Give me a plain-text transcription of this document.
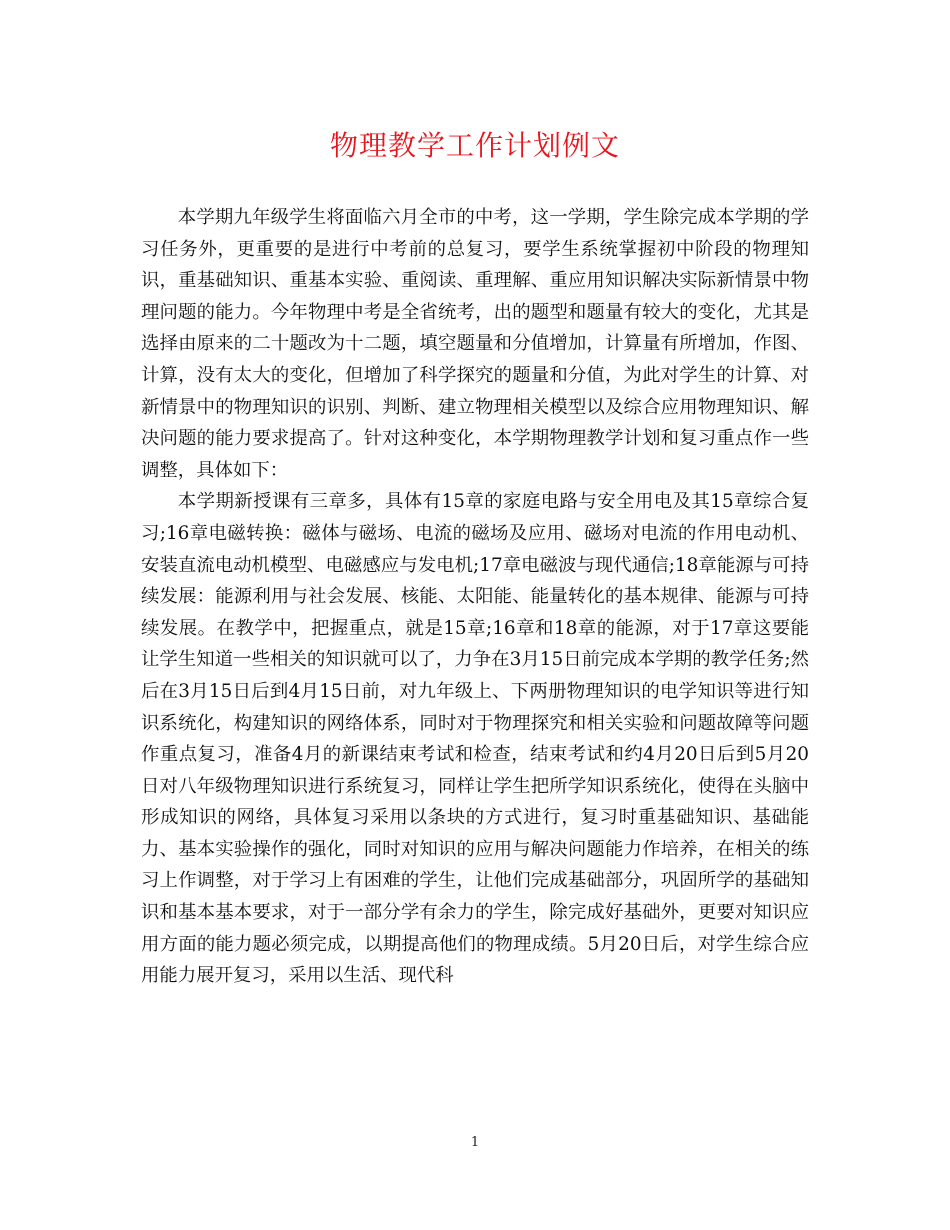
物理教学工作计划例文

本学期九年级学生将面临六月全市的中考，这一学期，学生除完成本学期的学习任务外，更重要的是进行中考前的总复习，要学生系统掌握初中阶段的物理知识，重基础知识、重基本实验、重阅读、重理解、重应用知识解决实际新情景中物理问题的能力。今年物理中考是全省统考，出的题型和题量有较大的变化，尤其是选择由原来的二十题改为十二题，填空题量和分值增加，计算量有所增加，作图、计算，没有太大的变化，但增加了科学探究的题量和分值，为此对学生的计算、对新情景中的物理知识的识别、判断、建立物理相关模型以及综合应用物理知识、解决问题的能力要求提高了。针对这种变化，本学期物理教学计划和复习重点作一些调整，具体如下：

本学期新授课有三章多，具体有15章的家庭电路与安全用电及其15章综合复习;16章电磁转换：磁体与磁场、电流的磁场及应用、磁场对电流的作用电动机、安装直流电动机模型、电磁感应与发电机;17章电磁波与现代通信;18章能源与可持续发展：能源利用与社会发展、核能、太阳能、能量转化的基本规律、能源与可持续发展。在教学中，把握重点，就是15章;16章和18章的能源，对于17章这要能让学生知道一些相关的知识就可以了，力争在3月15日前完成本学期的教学任务;然后在3月15日后到4月15日前，对九年级上、下两册物理知识的电学知识等进行知识系统化，构建知识的网络体系，同时对于物理探究和相关实验和问题故障等问题作重点复习，准备4月的新课结束考试和检查，结束考试和约4月20日后到5月20日对八年级物理知识进行系统复习，同样让学生把所学知识系统化，使得在头脑中形成知识的网络，具体复习采用以条块的方式进行，复习时重基础知识、基础能力、基本实验操作的强化，同时对知识的应用与解决问题能力作培养，在相关的练习上作调整，对于学习上有困难的学生，让他们完成基础部分，巩固所学的基础知识和基本基本要求，对于一部分学有余力的学生，除完成好基础外，更要对知识应用方面的能力题必须完成，以期提高他们的物理成绩。5月20日后，对学生综合应用能力展开复习，采用以生活、现代科

1
